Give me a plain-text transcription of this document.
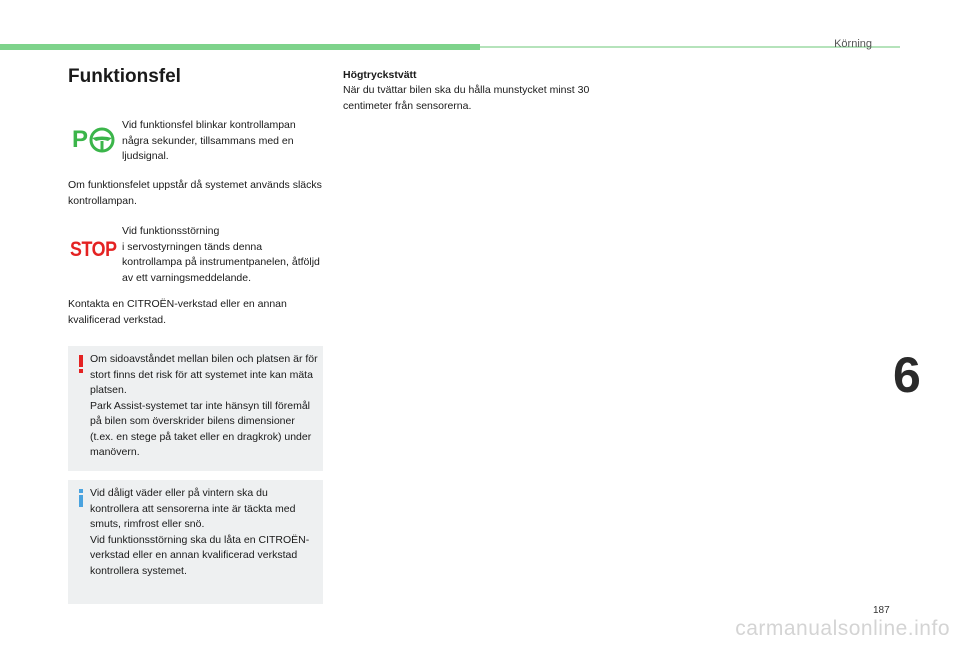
Körning
Funktionsfel
P

Vid funktionsfel blinkar kontrollampan några sekunder, tillsammans med en ljudsignal.

Om funktionsfelet uppstår då systemet används släcks kontrollampan.

STOP
Vid funktionsstörning
i servostyrningen tänds denna kontrollampa på instrumentpanelen, åtföljd av ett varningsmeddelande.

Kontakta en CITROËN-verkstad eller en annan kvalificerad verkstad.

Om sidoavståndet mellan bilen och platsen är för stort finns det risk för att systemet inte kan mäta platsen.

Park Assist-systemet tar inte hänsyn till föremål på bilen som överskrider bilens dimensioner (t.ex. en stege på taket eller en dragkrok) under manövern.

Vid dåligt väder eller på vintern ska du kontrollera att sensorerna inte är täckta med smuts, rimfrost eller snö.

Vid funktionsstörning ska du låta en CITROËN-verkstad eller en annan kvalificerad verkstad kontrollera systemet.

Högtryckstvätt
När du tvättar bilen ska du hålla munstycket minst 30 centimeter från sensorerna.
6
187
carmanualsonline.info
